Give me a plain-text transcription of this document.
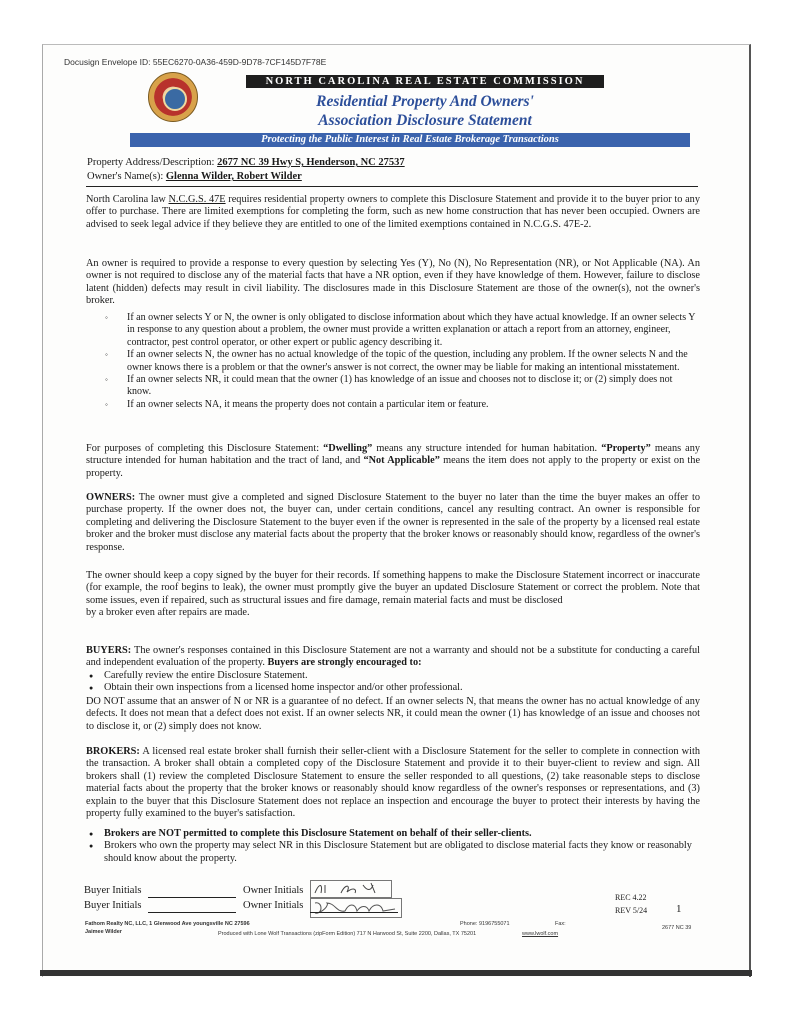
Docusign Envelope ID: 55EC6270-0A36-459D-9D78-7CF145D7F78E
NORTH CAROLINA REAL ESTATE COMMISSION
Residential Property And Owners'
Association Disclosure Statement
Protecting the Public Interest in Real Estate Brokerage Transactions
Property Address/Description: 2677 NC 39 Hwy S, Henderson, NC 27537
Owner's Name(s): Glenna Wilder, Robert Wilder
North Carolina law N.C.G.S. 47E requires residential property owners to complete this Disclosure Statement and provide it to the buyer prior to any offer to purchase. There are limited exemptions for completing the form, such as new home construction that has never been occupied. Owners are advised to seek legal advice if they believe they are entitled to one of the limited exemptions contained in N.C.G.S. 47E-2.
An owner is required to provide a response to every question by selecting Yes (Y), No (N), No Representation (NR), or Not Applicable (NA). An owner is not required to disclose any of the material facts that have a NR option, even if they have knowledge of them. However, failure to disclose latent (hidden) defects may result in civil liability. The disclosures made in this Disclosure Statement are those of the owner(s), not the owner's broker.
◦ If an owner selects Y or N, the owner is only obligated to disclose information about which they have actual knowledge. If an owner selects Y in response to any question about a problem, the owner must provide a written explanation or attach a report from an attorney, engineer, contractor, pest control operator, or other expert or public agency describing it.
◦ If an owner selects N, the owner has no actual knowledge of the topic of the question, including any problem. If the owner selects N and the owner knows there is a problem or that the owner's answer is not correct, the owner may be liable for making an intentional misstatement.
◦ If an owner selects NR, it could mean that the owner (1) has knowledge of an issue and chooses not to disclose it; or (2) simply does not know.
◦ If an owner selects NA, it means the property does not contain a particular item or feature.
For purposes of completing this Disclosure Statement: “Dwelling” means any structure intended for human habitation. “Property” means any structure intended for human habitation and the tract of land, and “Not Applicable” means the item does not apply to the property or exist on the property.
OWNERS: The owner must give a completed and signed Disclosure Statement to the buyer no later than the time the buyer makes an offer to purchase property. If the owner does not, the buyer can, under certain conditions, cancel any resulting contract. An owner is responsible for completing and delivering the Disclosure Statement to the buyer even if the owner is represented in the sale of the property by a licensed real estate broker and the broker must disclose any material facts about the property that the broker knows or reasonably should know, regardless of the owner's response.
The owner should keep a copy signed by the buyer for their records. If something happens to make the Disclosure Statement incorrect or inaccurate (for example, the roof begins to leak), the owner must promptly give the buyer an updated Disclosure Statement or correct the problem. Note that some issues, even if repaired, such as structural issues and fire damage, remain material facts and must be disclosed
by a broker even after repairs are made.
BUYERS: The owner's responses contained in this Disclosure Statement are not a warranty and should not be a substitute for conducting a careful and independent evaluation of the property. Buyers are strongly encouraged to:
● Carefully review the entire Disclosure Statement.
● Obtain their own inspections from a licensed home inspector and/or other professional.
DO NOT assume that an answer of N or NR is a guarantee of no defect. If an owner selects N, that means the owner has no actual knowledge of any defects. It does not mean that a defect does not exist. If an owner selects NR, it could mean the owner (1) has knowledge of an issue and chooses not to disclose it, or (2) simply does not know.
BROKERS: A licensed real estate broker shall furnish their seller-client with a Disclosure Statement for the seller to complete in connection with the transaction. A broker shall obtain a completed copy of the Disclosure Statement and provide it to their buyer-client to review and sign. All brokers shall (1) review the completed Disclosure Statement to ensure the seller responded to all questions, (2) take reasonable steps to disclose material facts about the property that the broker knows or reasonably should know regardless of the owner's responses or representations, and (3) explain to the buyer that this Disclosure Statement does not replace an inspection and encourage the buyer to protect their interests by having the property fully examined to the buyer's satisfaction.
● Brokers are NOT permitted to complete this Disclosure Statement on behalf of their seller-clients.
● Brokers who own the property may select NR in this Disclosure Statement but are obligated to disclose material facts they know or reasonably should know about the property.
Buyer Initials
Buyer Initials
Owner Initials
Owner Initials
REC 4.22
REV 5/24	1
Fathom Realty NC, LLC, 1 Glenwood Ave youngsville NC 27596
Jaimee Wilder
Phone: 9196755071	Fax:
2677 NC 39
Produced with Lone Wolf Transactions (zipForm Edition) 717 N Harwood St, Suite 2200, Dallas, TX 75201	www.lwolf.com
